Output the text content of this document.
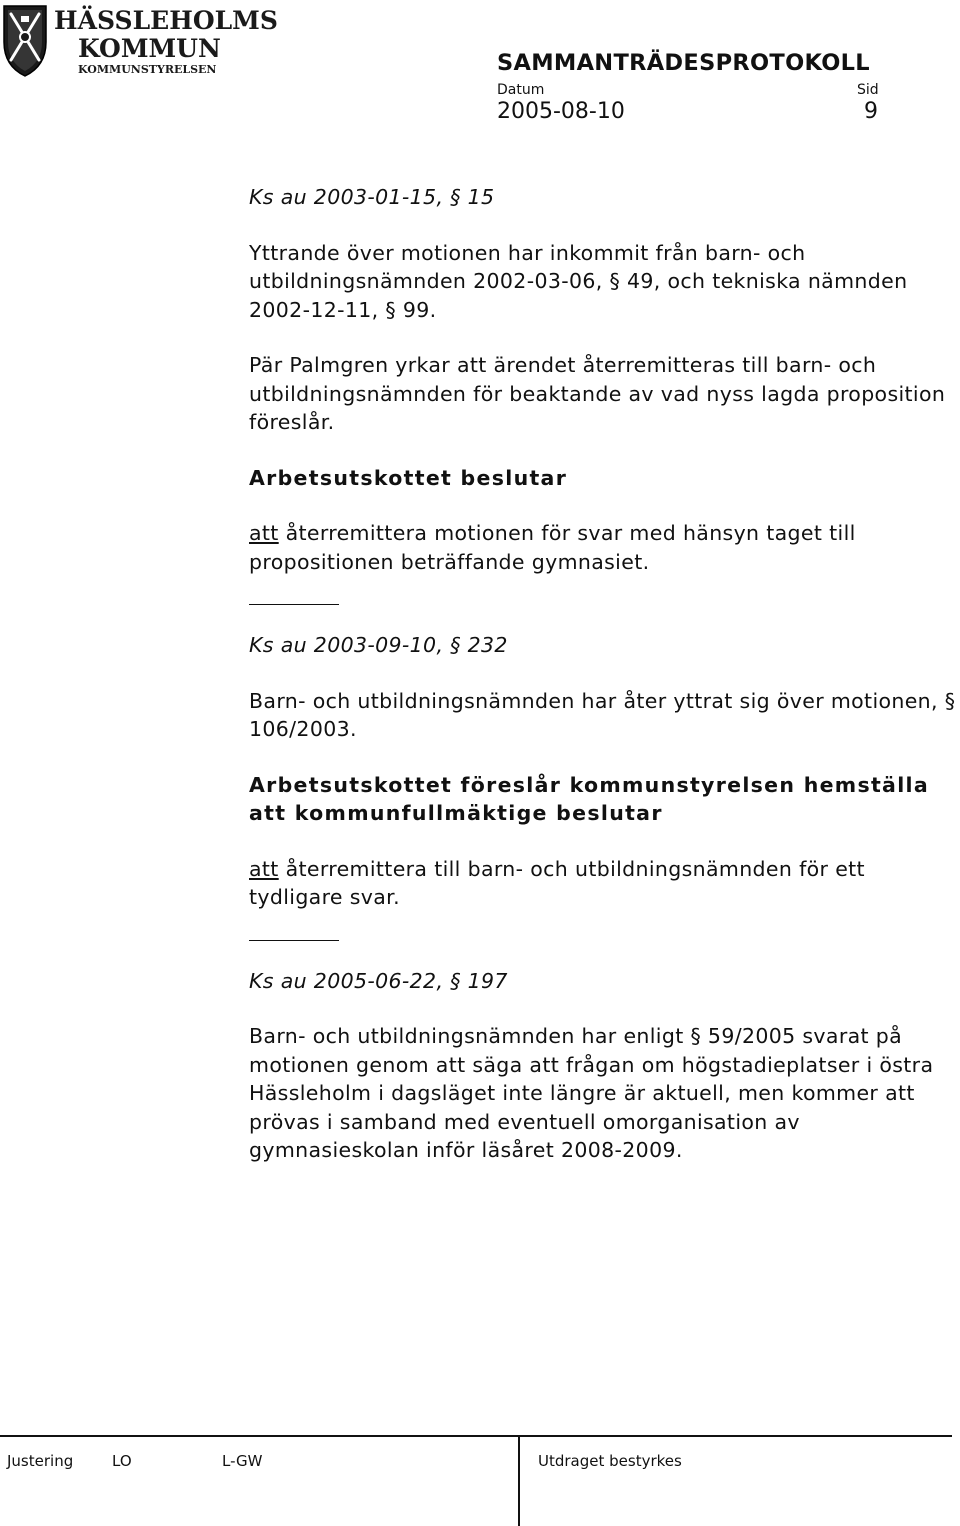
HÄSSLEHOLMS
KOMMUN
KOMMUNSTYRELSEN	SAMMANTRÄDESPROTOKOLL
Datum	Sid
2005-08-10	9
Ks au 2003-01-15, § 15
Yttrande över motionen har inkommit från barn- och utbildningsnämnden 2002-03-06, § 49, och tekniska nämnden 2002-12-11, § 99.
Pär Palmgren yrkar att ärendet återremitteras till barn- och utbildningsnämnden för beaktande av vad nyss lagda proposition föreslår.
Arbetsutskottet beslutar
att återremittera motionen för svar med hänsyn taget till propositionen beträffande gymnasiet.
Ks au 2003-09-10, § 232
Barn- och utbildningsnämnden har åter yttrat sig över motionen, § 106/2003.
Arbetsutskottet föreslår kommunstyrelsen hemställa att kommunfullmäktige beslutar
att återremittera till barn- och utbildningsnämnden för ett tydligare svar.
Ks au 2005-06-22, § 197
Barn- och utbildningsnämnden har enligt § 59/2005 svarat på motionen genom att säga att frågan om högstadieplatser i östra Hässleholm i dagsläget inte längre är aktuell, men kommer att prövas i samband med eventuell omorganisation av gymnasieskolan inför läsåret 2008-2009.
Justering	LO	L-GW	Utdraget bestyrkes
